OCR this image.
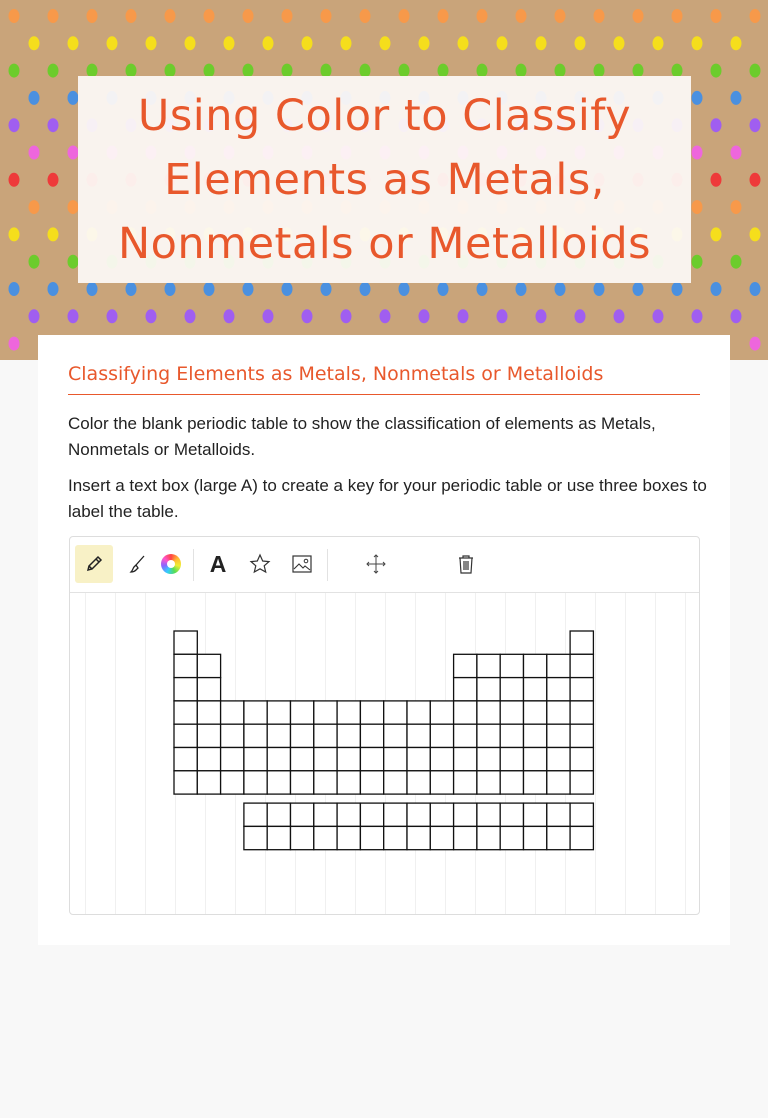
Using Color to Classify Elements as Metals, Nonmetals or Metalloids
Classifying Elements as Metals, Nonmetals or Metalloids
Color the blank periodic table to show the classification of elements as Metals, Nonmetals or Metalloids.
Insert a text box (large A) to create a key for your periodic table or use three boxes to label the table.
A
